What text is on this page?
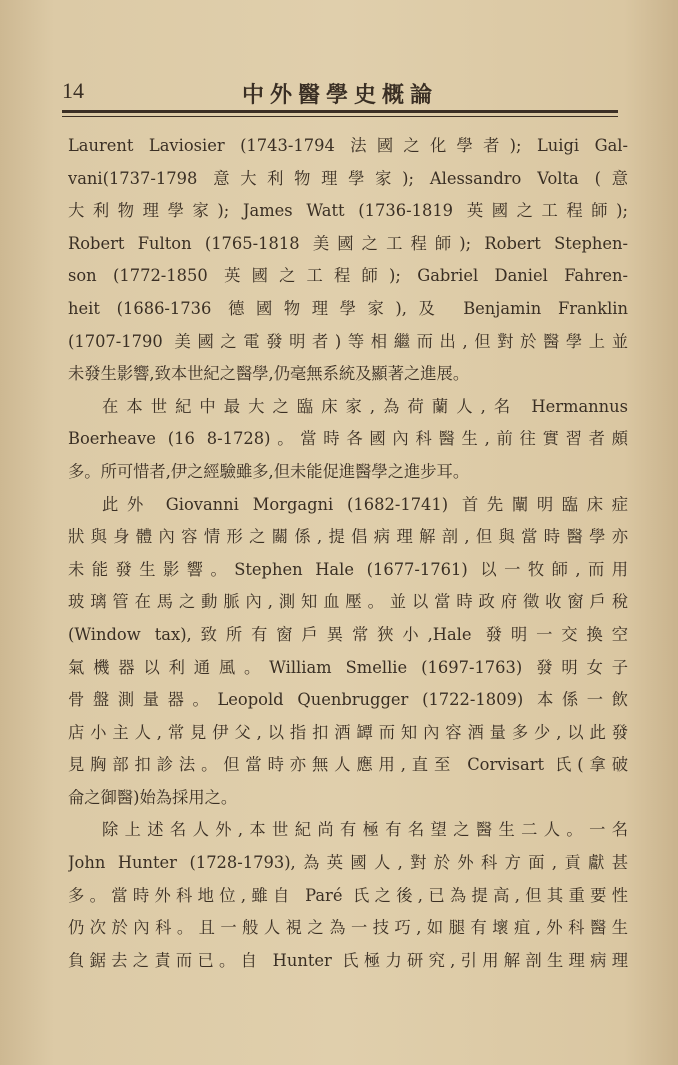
14	中外醫學史概論
Laurent Laviosier (1743-1794 法國之化學者); Luigi Gal-
vani(1737-1798 意大利物理學家); Alessandro Volta (意
大利物理學家); James Watt (1736-1819 英國之工程師);
Robert Fulton (1765-1818 美國之工程師); Robert Stephen-
son (1772-1850 英國之工程師); Gabriel Daniel Fahren-
heit (1686-1736 德國物理學家),及 Benjamin Franklin
(1707-1790 美國之電發明者)等相繼而出,但對於醫學上並
未發生影響,致本世紀之醫學,仍毫無系統及顯著之進展。
在本世紀中最大之臨床家,為荷蘭人,名 Hermannus
Boerheave (16 8-1728)。當時各國內科醫生,前往實習者頗
多。所可惜者,伊之經驗雖多,但未能促進醫學之進步耳。
此外 Giovanni Morgagni (1682-1741) 首先闡明臨床症
狀與身體內容情形之關係,提倡病理解剖,但與當時醫學亦
未能發生影響。Stephen Hale (1677-1761) 以一牧師,而用
玻璃管在馬之動脈內,測知血壓。並以當時政府徵收窗戶稅
(Window tax),致所有窗戶異常狹小,Hale 發明一交換空
氣機器以利通風。William Smellie (1697-1763) 發明女子
骨盤測量器。Leopold Quenbrugger (1722-1809) 本係一飲
店小主人,常見伊父,以指扣酒罈而知內容酒量多少,以此發
見胸部扣診法。但當時亦無人應用,直至 Corvisart 氏(拿破
侖之御醫)始為採用之。
除上述名人外,本世紀尚有極有名望之醫生二人。一名
John Hunter (1728-1793),為英國人,對於外科方面,貢獻甚
多。當時外科地位,雖自 Paré 氏之後,已為提高,但其重要性
仍次於內科。且一般人視之為一技巧,如腿有壞疽,外科醫生
負鋸去之責而已。自 Hunter 氏極力研究,引用解剖生理病理
